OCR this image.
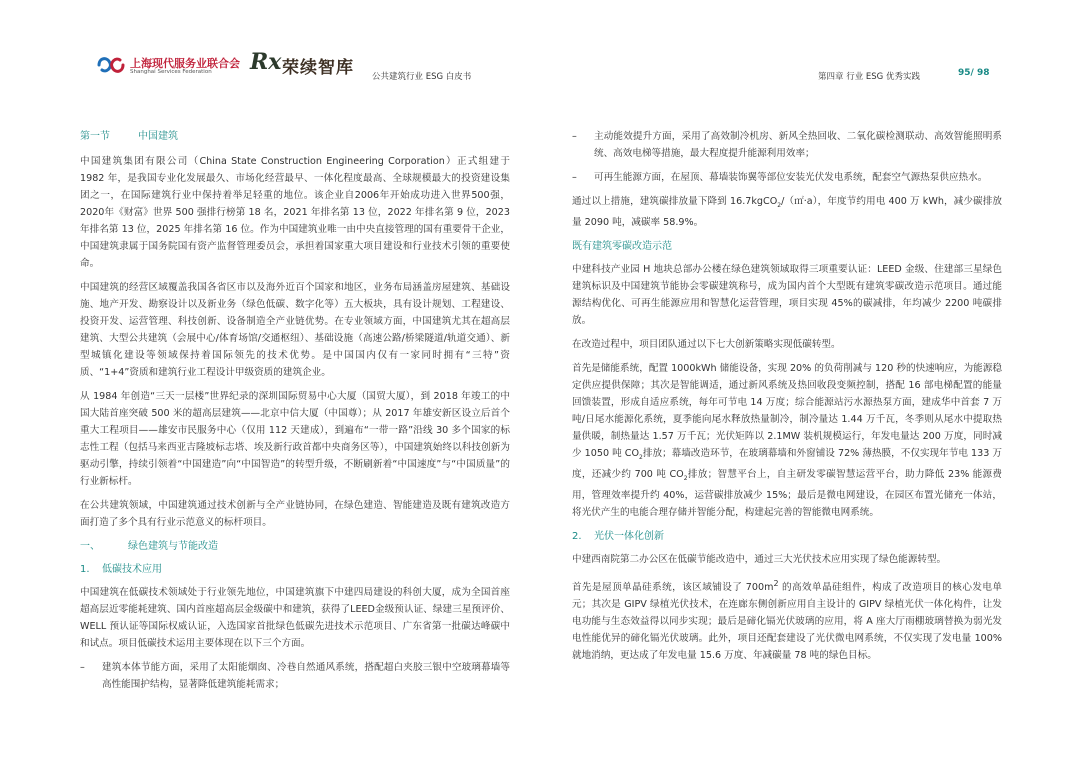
上海现代服务业联合会
Shanghai Services Federation Rx 荣续智库 公共建筑行业 ESG 白皮书	第四章 行业 ESG 优秀实践	95/ 98
第一节	中国建筑

中国建筑集团有限公司（China State Construction Engineering Corporation）正式组建于 1982 年，是我国专业化发展最久、市场化经营最早、一体化程度最高、全球规模最大的投资建设集团之一，在国际建筑行业中保持着举足轻重的地位。该企业自2006年开始成功进入世界500强，2020年《财富》世界 500 强排行榜第 18 名，2021 年排名第 13 位，2022 年排名第 9 位，2023 年排名第 13 位，2025 年排名第 16 位。作为中国建筑业唯一由中央直接管理的国有重要骨干企业，中国建筑隶属于国务院国有资产监督管理委员会，承担着国家重大项目建设和行业技术引领的重要使命。

中国建筑的经营区域覆盖我国各省区市以及海外近百个国家和地区，业务布局涵盖房屋建筑、基础设施、地产开发、勘察设计以及新业务（绿色低碳、数字化等）五大板块，具有设计规划、工程建设、投资开发、运营管理、科技创新、设备制造全产业链优势。在专业领域方面，中国建筑尤其在超高层建筑、大型公共建筑（会展中心/体育场馆/交通枢纽）、基础设施（高速公路/桥梁隧道/轨道交通）、新型城镇化建设等领域保持着国际领先的技术优势。是中国国内仅有一家同时拥有“三特”资质、“1+4”资质和建筑行业工程设计甲级资质的建筑企业。

从 1984 年创造“三天一层楼”世界纪录的深圳国际贸易中心大厦（国贸大厦），到 2018 年竣工的中国大陆首座突破 500 米的超高层建筑——北京中信大厦（中国尊）；从 2017 年雄安新区设立后首个重大工程项目——雄安市民服务中心（仅用 112 天建成），到遍布“一带一路”沿线 30 多个国家的标志性工程（包括马来西亚吉隆坡标志塔、埃及新行政首都中央商务区等），中国建筑始终以科技创新为驱动引擎，持续引领着“中国建造”向“中国智造”的转型升级，不断刷新着“中国速度”与“中国质量”的行业新标杆。

在公共建筑领域，中国建筑通过技术创新与全产业链协同，在绿色建造、智能建造及既有建筑改造方面打造了多个具有行业示范意义的标杆项目。

一、	绿色建筑与节能改造
1. 低碳技术应用

中国建筑在低碳技术领域处于行业领先地位，中国建筑旗下中建四局建设的科创大厦，成为全国首座超高层近零能耗建筑、国内首座超高层金级碳中和建筑，获得了LEED金级预认证、绿建三星预评价、WELL 预认证等国际权威认证，入选国家首批绿色低碳先进技术示范项目、广东省第一批碳达峰碳中和试点。项目低碳技术运用主要体现在以下三个方面。

– 建筑本体节能方面，采用了太阳能烟囱、冷巷自然通风系统，搭配超白夹胶三银中空玻璃幕墙等高性能围护结构，显著降低建筑能耗需求；
– 主动能效提升方面，采用了高效制冷机房、新风全热回收、二氧化碳检测联动、高效智能照明系统、高效电梯等措施，最大程度提升能源利用效率；
– 可再生能源方面，在屋顶、幕墙装饰翼等部位安装光伏发电系统，配套空气源热泵供应热水。

通过以上措施，建筑碳排放量下降到 16.7kgCO$_2$/（㎡·a），年度节约用电 400 万 kWh，减少碳排放量 2090 吨，减碳率 58.9%。

既有建筑零碳改造示范

中建科技产业园 H 地块总部办公楼在绿色建筑领域取得三项重要认证：LEED 金级、住建部三星绿色建筑标识及中国建筑节能协会零碳建筑称号，成为国内首个大型既有建筑零碳改造示范项目。通过能源结构优化、可再生能源应用和智慧化运营管理，项目实现 45%的碳减排，年均减少 2200 吨碳排放。

在改造过程中，项目团队通过以下七大创新策略实现低碳转型。

首先是储能系统，配置 1000kWh 储能设备，实现 20% 的负荷削减与 120 秒的快速响应，为能源稳定供应提供保障；其次是智能调适，通过新风系统及热回收段变频控制，搭配 16 部电梯配置的能量回馈装置，形成自适应系统，每年可节电 14 万度；综合能源站污水源热泵方面，建成华中首套 7 万吨/日尾水能源化系统，夏季能向尾水释放热量制冷，制冷量达 1.44 万千瓦，冬季则从尾水中提取热量供暖，制热量达 1.57 万千瓦；光伏矩阵以 2.1MW 装机规模运行，年发电量达 200 万度，同时减少 1050 吨 $CO_2$排放；幕墙改造环节，在玻璃幕墙和外窗铺设 72% 薄热膜，不仅实现年节电 133 万度，还减少约 700 吨 $CO_2$排放；智慧平台上，自主研发零碳智慧运营平台，助力降低 23% 能源费用，管理效率提升约 40%，运营碳排放减少 15%；最后是微电网建设，在园区布置光储充一体站，将光伏产生的电能合理存储并智能分配，构建起完善的智能微电网系统。

2. 光伏一体化创新

中建西南院第二办公区在低碳节能改造中，通过三大光伏技术应用实现了绿色能源转型。

首先是屋顶单晶硅系统，该区域铺设了 $700m^2$ 的高效单晶硅组件，构成了改造项目的核心发电单元；其次是 GIPV 绿植光伏技术，在连廊东侧创新应用自主设计的 GIPV 绿植光伏一体化构件，让发电功能与生态效益得以同步实现；最后是碲化镉光伏玻璃的应用，将 A 座大厅雨棚玻璃替换为弱光发电性能优异的碲化镉光伏玻璃。此外，项目还配套建设了光伏微电网系统，不仅实现了发电量 100% 就地消纳，更达成了年发电量 15.6 万度、年减碳量 78 吨的绿色目标。
